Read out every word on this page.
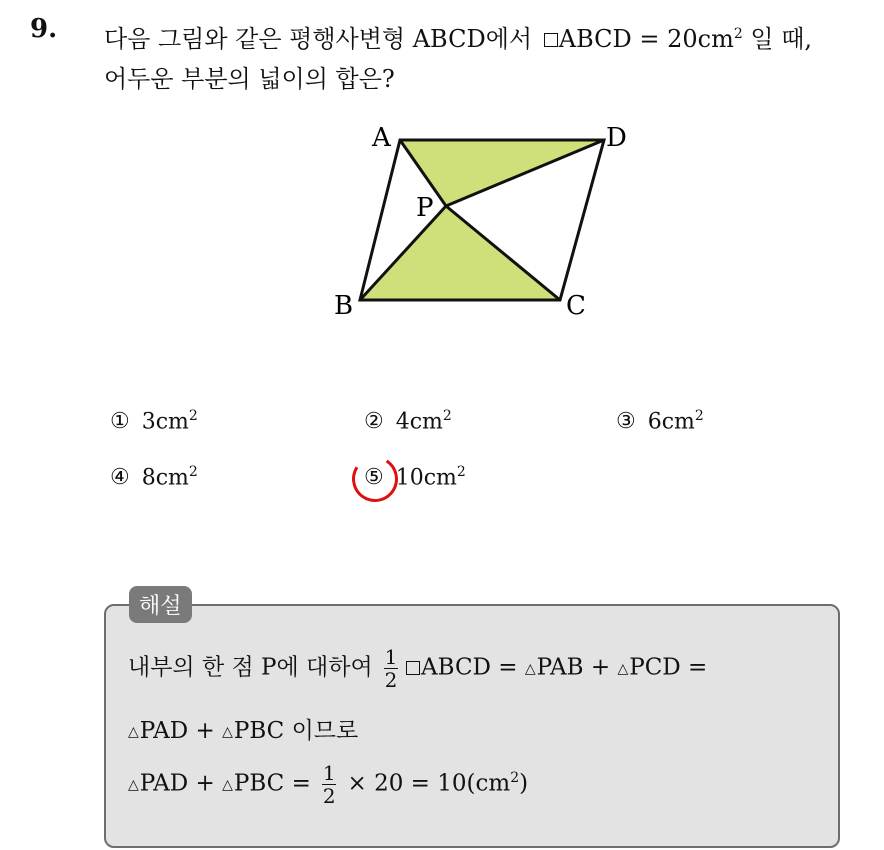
9. 다음 그림와 같은 평행사변형 ABCD에서 ABCD = $20cm^2$ 일 때,
어두운 부분의 넓이의 합은?
A	D
P
B	C
① $3cm^2$	② $4cm^2$	③ $6cm^2$
④ $8cm^2$	⑤ $10cm^2$
해설
내부의 한 점 P에 대하여 $\frac{1}{2}$ ABCD = △PAB + △PCD =
△PAD + △PBC 이므로
△PAD + △PBC = $\frac{1}{2} \times 20 = 10(cm^2)$
